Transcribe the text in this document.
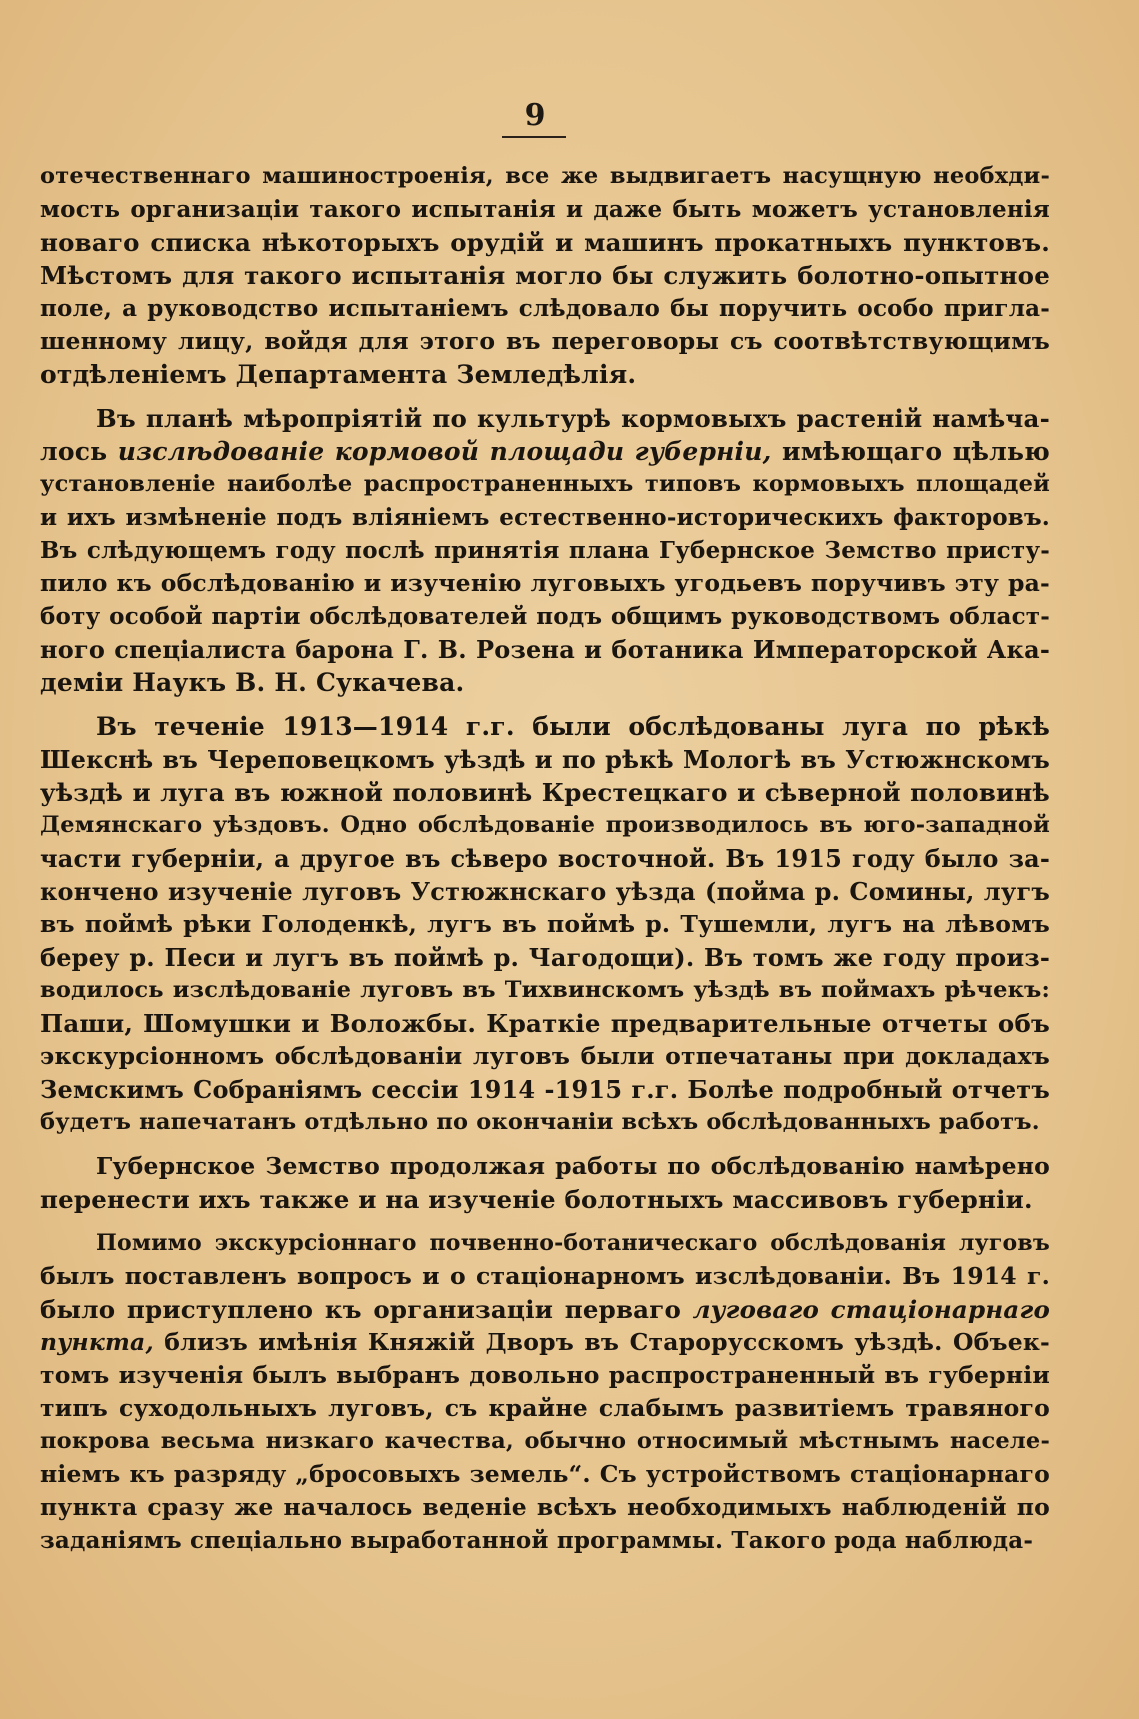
9
отечественнаго машиностроенія, все же выдвигаетъ насущную необхди-
мость организаціи такого испытанія и даже быть можетъ установленія
новаго списка нѣкоторыхъ орудій и машинъ прокатныхъ пунктовъ.
Мѣстомъ для такого испытанія могло бы служить болотно-опытное
поле, а руководство испытаніемъ слѣдовало бы поручить особо пригла-
шенному лицу, войдя для этого въ переговоры съ соотвѣтствующимъ
отдѣленіемъ Департамента Земледѣлія.
Въ планѣ мѣропріятій по культурѣ кормовыхъ растеній намѣча-
лось изслѣдованіе кормовой площади губерніи, имѣющаго цѣлью
установленіе наиболѣе распространенныхъ типовъ кормовыхъ площадей
и ихъ измѣненіе подъ вліяніемъ естественно-историческихъ факторовъ.
Въ слѣдующемъ году послѣ принятія плана Губернское Земство присту-
пило къ обслѣдованію и изученію луговыхъ угодьевъ поручивъ эту ра-
боту особой партіи обслѣдователей подъ общимъ руководствомъ област-
ного спеціалиста барона Г. В. Розена и ботаника Императорской Ака-
деміи Наукъ В. Н. Сукачева.
Въ теченіе 1913—1914 г.г. были обслѣдованы луга по рѣкѣ
Шекснѣ въ Череповецкомъ уѣздѣ и по рѣкѣ Мологѣ въ Устюжнскомъ
уѣздѣ и луга въ южной половинѣ Крестецкаго и сѣверной половинѣ
Демянскаго уѣздовъ. Одно обслѣдованіе производилось въ юго-западной
части губерніи, а другое въ сѣверо восточной. Въ 1915 году было за-
кончено изученіе луговъ Устюжнскаго уѣзда (пойма р. Сомины, лугъ
въ поймѣ рѣки Голоденкѣ, лугъ въ поймѣ р. Тушемли, лугъ на лѣвомъ
береу р. Песи и лугъ въ поймѣ р. Чагодощи). Въ томъ же году произ-
водилось изслѣдованіе луговъ въ Тихвинскомъ уѣздѣ въ поймахъ рѣчекъ:
Паши, Шомушки и Воложбы. Краткіе предварительные отчеты объ
экскурсіонномъ обслѣдованіи луговъ были отпечатаны при докладахъ
Земскимъ Собраніямъ сессіи 1914 -1915 г.г. Болѣе подробный отчетъ
будетъ напечатанъ отдѣльно по окончаніи всѣхъ обслѣдованныхъ работъ.
Губернское Земство продолжая работы по обслѣдованію намѣрено
перенести ихъ также и на изученіе болотныхъ массивовъ губерніи.
Помимо экскурсіоннаго почвенно-ботаническаго обслѣдованія луговъ
былъ поставленъ вопросъ и о стаціонарномъ изслѣдованіи. Въ 1914 г.
было приступлено къ организаціи перваго луговаго стаціонарнаго
пункта, близъ имѣнія Княжій Дворъ въ Старорусскомъ уѣздѣ. Объек-
томъ изученія былъ выбранъ довольно распространенный въ губерніи
типъ суходольныхъ луговъ, съ крайне слабымъ развитіемъ травяного
покрова весьма низкаго качества, обычно относимый мѣстнымъ населе-
ніемъ къ разряду „бросовыхъ земель“. Съ устройствомъ стаціонарнаго
пункта сразу же началось веденіе всѣхъ необходимыхъ наблюденій по
заданіямъ спеціально выработанной программы. Такого рода наблюда-
